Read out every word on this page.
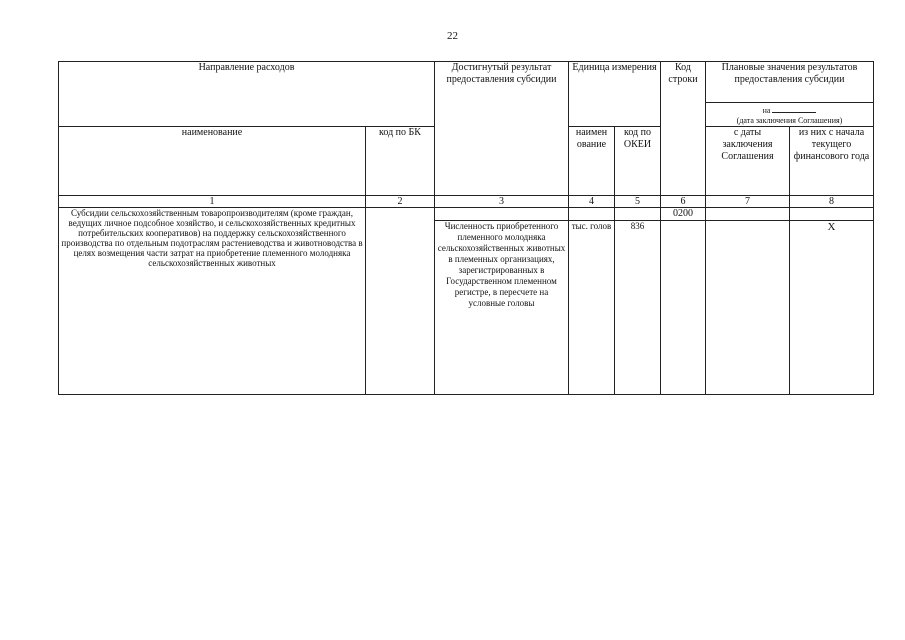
22
Направление расходов		Достигнутый результат предоставления субсидии	Единица измерения		Код строки	Плановые значения результатов предоставления субсидии	
						на
(дата заключения Соглашения)	
наименование	код по БК		наимен ование	код по ОКЕИ		с даты заключения Соглашения	из них с начала текущего финансового года
1	2	3	4	5	6	7	8
Субсидии сельскохозяйственным товаропроизводителям (кроме граждан, ведущих личное подсобное хозяйство, и сельскохозяйственных кредитных потребительских кооперативов) на поддержку сельскохозяйственного производства по отдельным подотраслям растениеводства и животноводства в целях возмещения части затрат на приобретение племенного молодняка сельскохозяйственных животных					0200		
		Численность приобретенного племенного молодняка сельскохозяйственных животных в племенных организациях, зарегистрированных в Государственном племенном регистре, в пересчете на условные головы	тыс. голов	836			X
